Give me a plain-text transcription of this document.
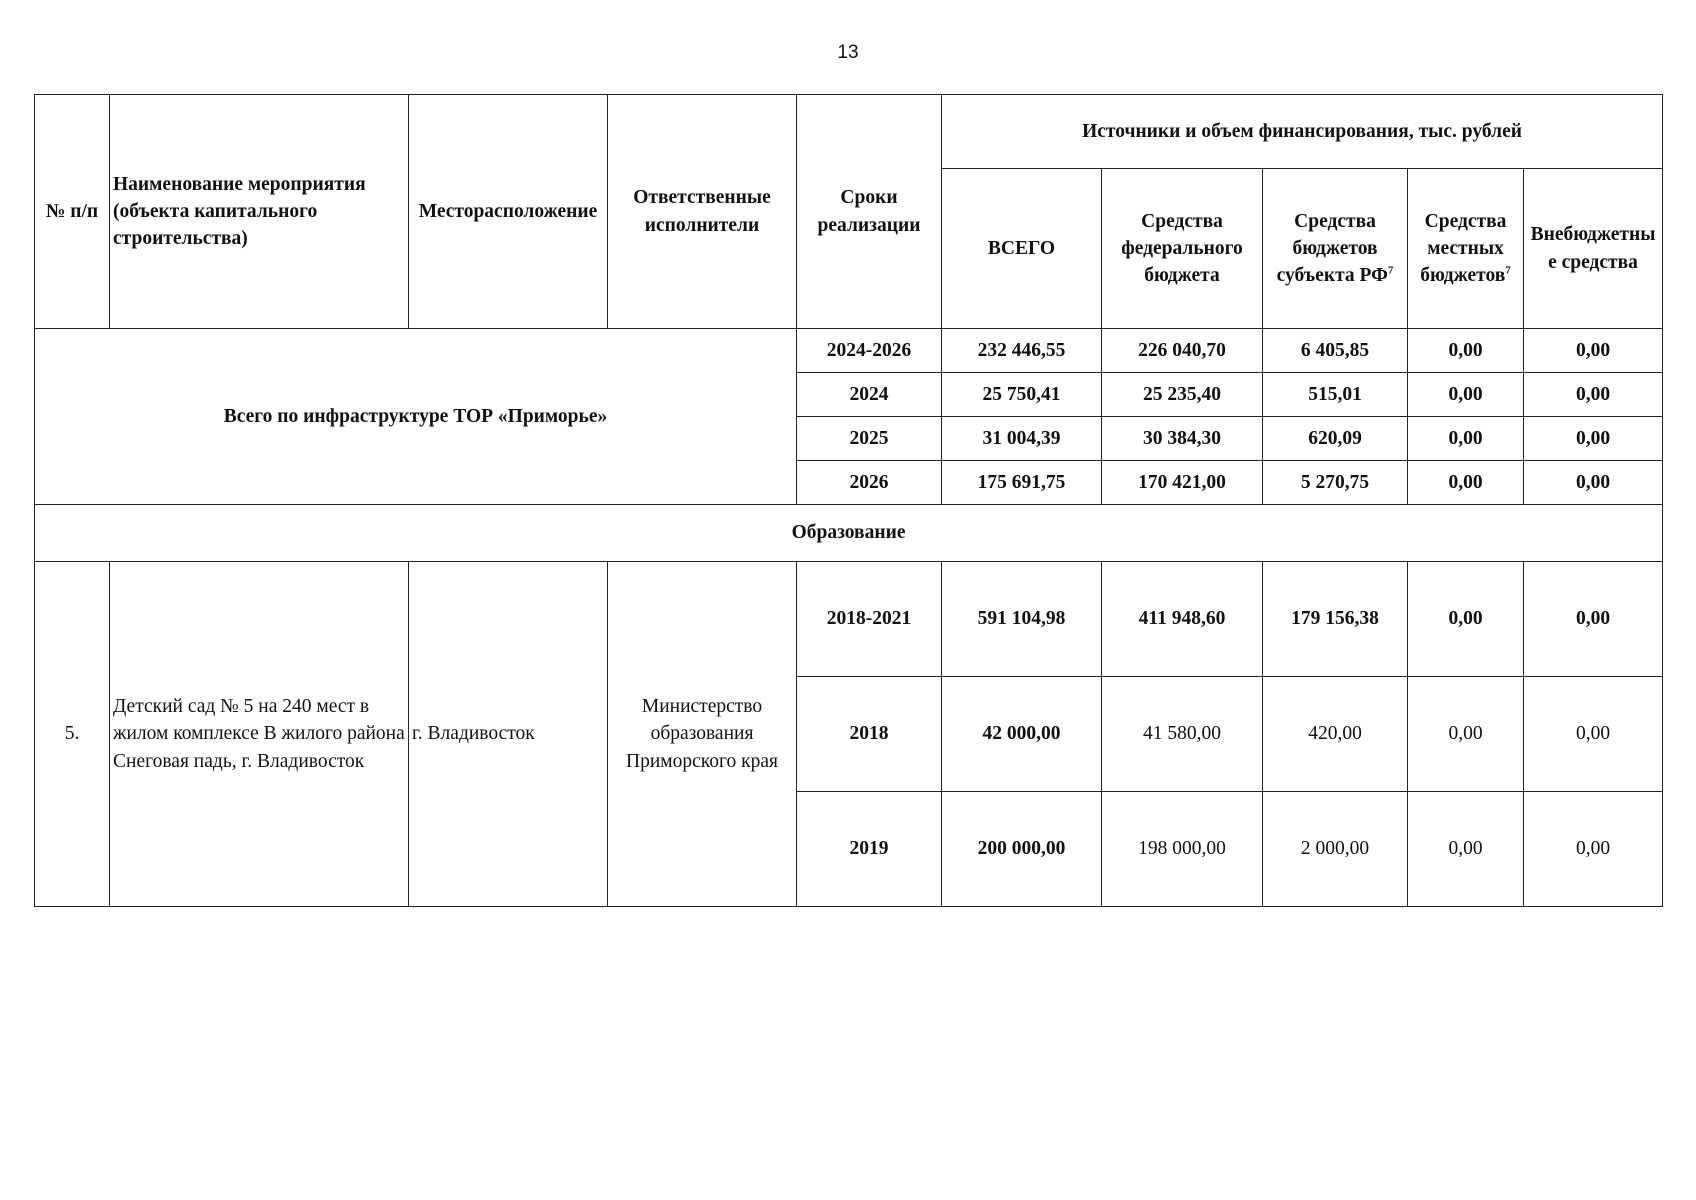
13
№ п/п	Наименование мероприятия (объекта капитального строительства)	Месторасположение	Ответственные исполнители	Сроки реализации	Источники и объем финансирования, тыс. рублей				
					ВСЕГО	Средства федерального бюджета	Средства бюджетов субъекта $РФ^7$	Средства местных бюджетов$^7$	Внебюджетные средства
Всего по инфраструктуре ТОР «Приморье»				2024-2026	232 446,55	226 040,70	6 405,85	0,00	0,00
				2024	25 750,41	25 235,40	515,01	0,00	0,00
				2025	31 004,39	30 384,30	620,09	0,00	0,00
				2026	175 691,75	170 421,00	5 270,75	0,00	0,00
Образование									
5.	Детский сад № 5 на 240 мест в жилом комплексе В жилого района Снеговая падь, г. Владивосток	г. Владивосток	Министерство образования Приморского края	2018-2021	591 104,98	411 948,60	179 156,38	0,00	0,00
				2018	42 000,00	41 580,00	420,00	0,00	0,00
				2019	200 000,00	198 000,00	2 000,00	0,00	0,00
